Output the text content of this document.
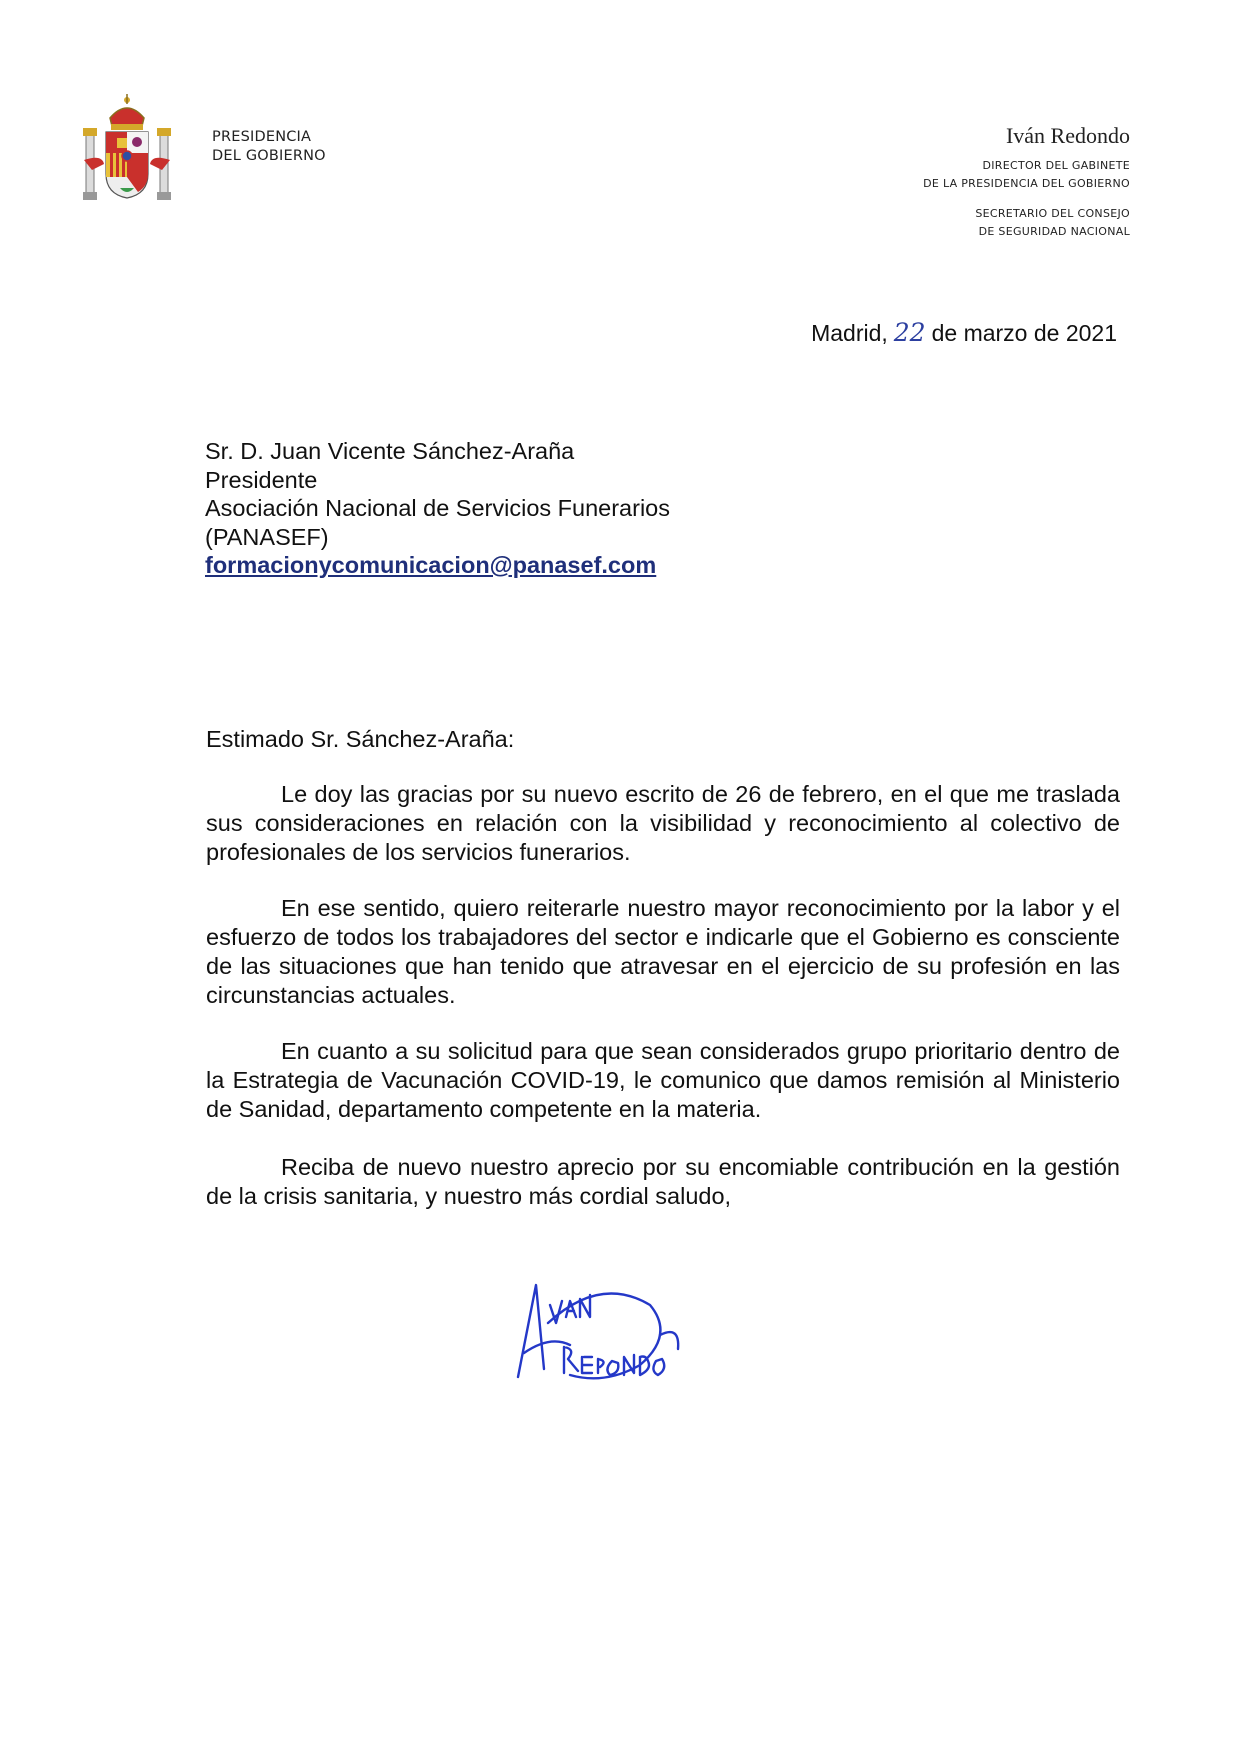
PRESIDENCIA
DEL GOBIERNO
Iván Redondo
DIRECTOR DEL GABINETE
DE LA PRESIDENCIA DEL GOBIERNO
SECRETARIO DEL CONSEJO
DE SEGURIDAD NACIONAL
Madrid, 22 de marzo de 2021
Sr. D. Juan Vicente Sánchez-Araña
Presidente
Asociación Nacional de Servicios Funerarios
(PANASEF)
formacionycomunicacion@panasef.com
Estimado Sr. Sánchez-Araña:

Le doy las gracias por su nuevo escrito de 26 de febrero, en el que me traslada sus consideraciones en relación con la visibilidad y reconocimiento al colectivo de profesionales de los servicios funerarios.

En ese sentido, quiero reiterarle nuestro mayor reconocimiento por la labor y el esfuerzo de todos los trabajadores del sector e indicarle que el Gobierno es consciente de las situaciones que han tenido que atravesar en el ejercicio de su profesión en las circunstancias actuales.

En cuanto a su solicitud para que sean considerados grupo prioritario dentro de la Estrategia de Vacunación COVID-19, le comunico que damos remisión al Ministerio de Sanidad, departamento competente en la materia.

Reciba de nuevo nuestro aprecio por su encomiable contribución en la gestión de la crisis sanitaria, y nuestro más cordial saludo,
